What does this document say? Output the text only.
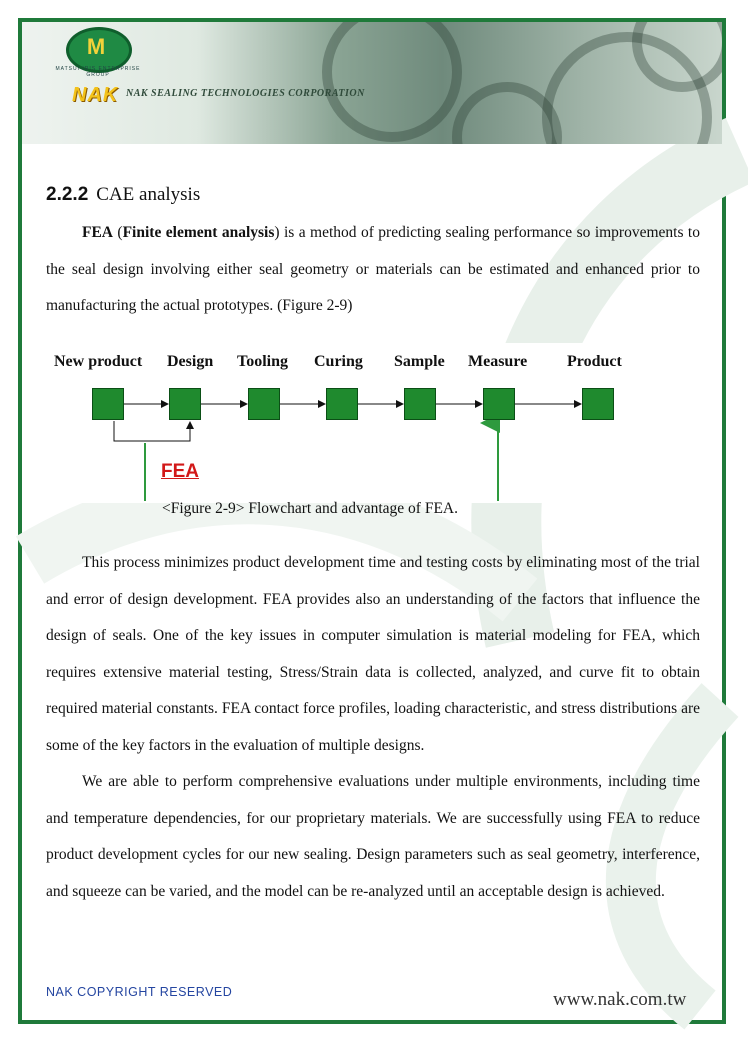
M
MATSUI IRIS ENTERPRISE GROUP
NAK NAK SEALING TECHNOLOGIES CORPORATION
2.2.2 CAE analysis

FEA (Finite element analysis) is a method of predicting sealing performance so improvements to the seal design involving either seal geometry or materials can be estimated and enhanced prior to manufacturing the actual prototypes. (Figure 2-9)

New product Design Tooling Curing Sample Measure Product
FEA
<Figure 2-9> Flowchart and advantage of FEA.

This process minimizes product development time and testing costs by eliminating most of the trial and error of design development. FEA provides also an understanding of the factors that influence the design of seals. One of the key issues in computer simulation is material modeling for FEA, which requires extensive material testing, Stress/Strain data is collected, analyzed, and curve fit to obtain required material constants. FEA contact force profiles, loading characteristic, and stress distributions are some of the key factors in the evaluation of multiple designs.

We are able to perform comprehensive evaluations under multiple environments, including time and temperature dependencies, for our proprietary materials. We are successfully using FEA to reduce product development cycles for our new sealing. Design parameters such as seal geometry, interference, and squeeze can be varied, and the model can be re-analyzed until an acceptable design is achieved.

NAK COPYRIGHT RESERVED	www.nak.com.tw
